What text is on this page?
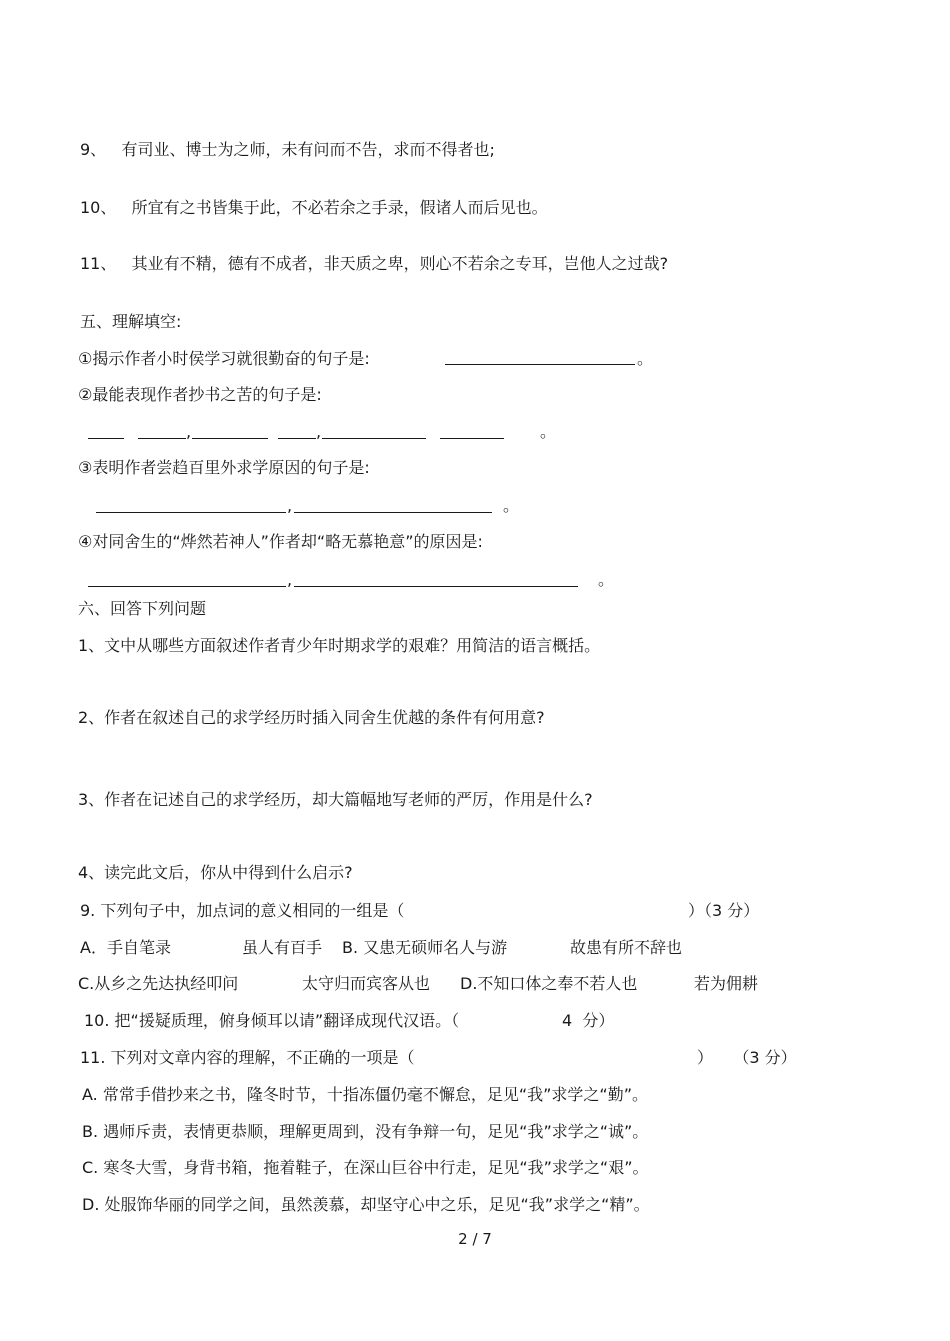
9、 有司业、博士为之师，未有问而不告，求而不得者也;
10、 所宜有之书皆集于此，不必若余之手录，假诸人而后见也。
11、 其业有不精，德有不成者，非天质之卑，则心不若余之专耳，岂他人之过哉?
五、理解填空:
①揭示作者小时侯学习就很勤奋的句子是:	。
②最能表现作者抄书之苦的句子是:
,	,	。
③表明作者尝趋百里外求学原因的句子是:
,	。
④对同舍生的“烨然若神人”作者却“略无慕艳意”的原因是:
,	。
六、回答下列问题
1、文中从哪些方面叙述作者青少年时期求学的艰难？用简洁的语言概括。
2、作者在叙述自己的求学经历时插入同舍生优越的条件有何用意?
3、作者在记述自己的求学经历，却大篇幅地写老师的严厉，作用是什么?
4、读完此文后，你从中得到什么启示?
9. 下列句子中，加点词的意义相同的一组是（	）（3 分）
A．手自笔录	虽人有百手 B. 又患无硕师名人与游	故患有所不辞也
C.从乡之先达执经叩问	太守归而宾客从也 D.不知口体之奉不若人也	若为佣耕
10. 把“援疑质理，俯身倾耳以请”翻译成现代汉语。（	4  分）
11. 下列对文章内容的理解，不正确的一项是（	）    （3 分）
A. 常常手借抄来之书，隆冬时节，十指冻僵仍毫不懈怠，足见“我”求学之“勤”。
B. 遇师斥责，表情更恭顺，理解更周到，没有争辩一句，足见“我”求学之“诚”。
C. 寒冬大雪，身背书箱，拖着鞋子，在深山巨谷中行走，足见“我”求学之“艰”。
D. 处服饰华丽的同学之间，虽然羡慕，却坚守心中之乐，足见“我”求学之“精”。
2 / 7
